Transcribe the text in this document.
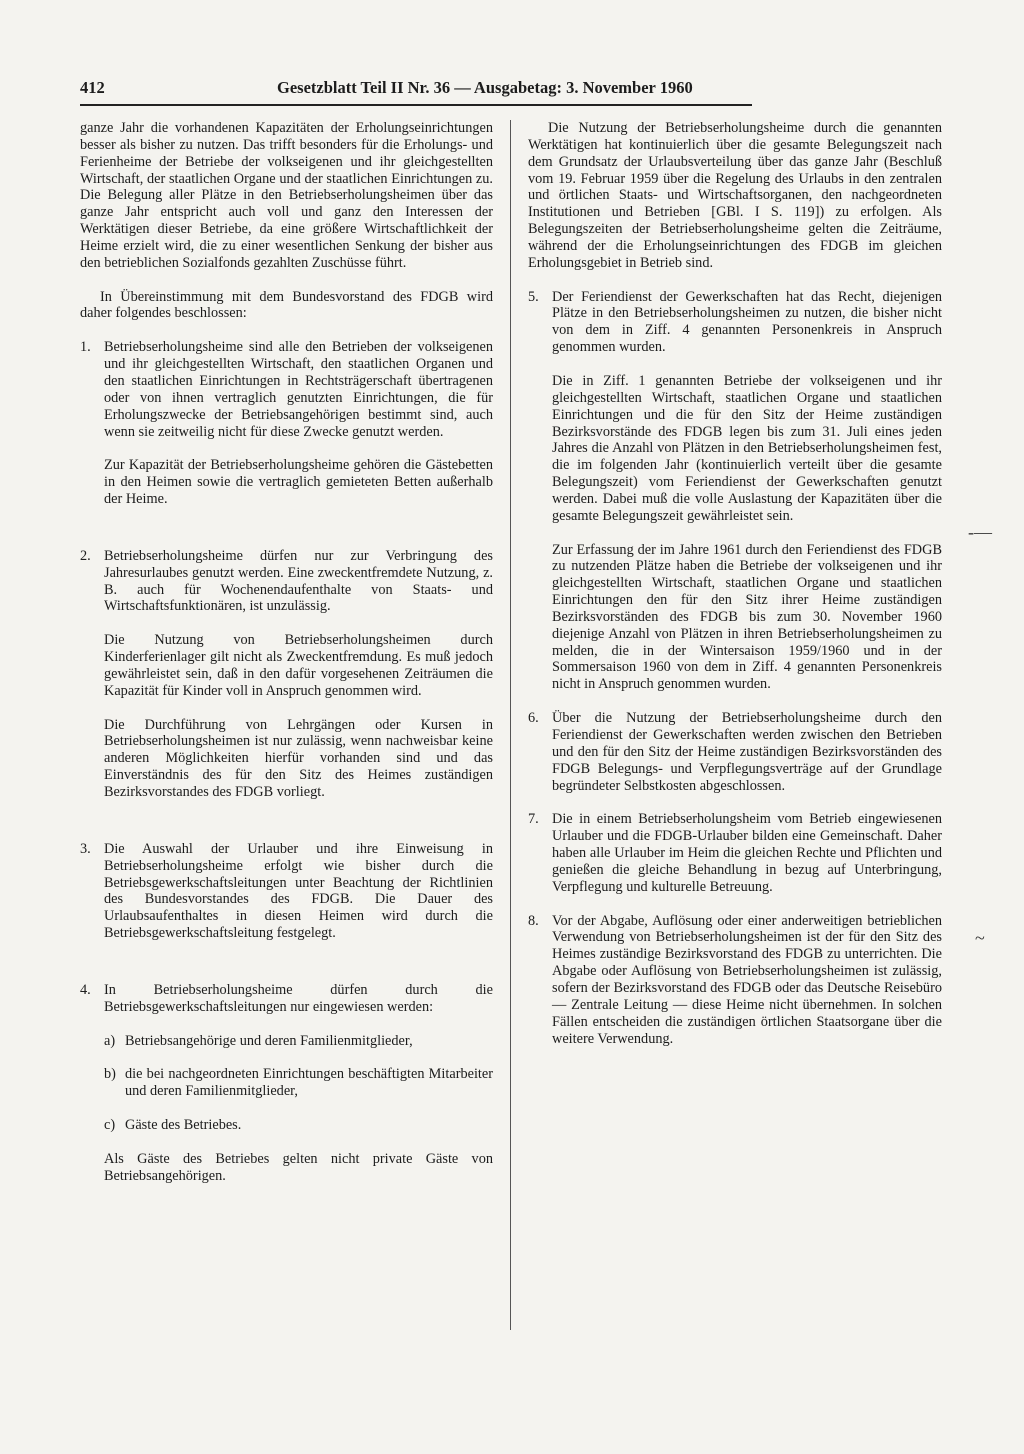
412	Gesetzblatt Teil II Nr. 36 — Ausgabetag: 3. November 1960

ganze Jahr die vorhandenen Kapazitäten der Erholungseinrichtungen besser als bisher zu nutzen. Das trifft besonders für die Erholungs- und Ferienheime der Betriebe der volkseigenen und ihr gleichgestellten Wirtschaft, der staatlichen Organe und der staatlichen Einrichtungen zu. Die Belegung aller Plätze in den Betriebserholungsheimen über das ganze Jahr entspricht auch voll und ganz den Interessen der Werktätigen dieser Betriebe, da eine größere Wirtschaftlichkeit der Heime erzielt wird, die zu einer wesentlichen Senkung der bisher aus den betrieblichen Sozialfonds gezahlten Zuschüsse führt.

In Übereinstimmung mit dem Bundesvorstand des FDGB wird daher folgendes beschlossen:

1. Betriebserholungsheime sind alle den Betrieben der volkseigenen und ihr gleichgestellten Wirtschaft, den staatlichen Organen und den staatlichen Einrichtungen in Rechtsträgerschaft übertragenen oder von ihnen vertraglich genutzten Einrichtungen, die für Erholungszwecke der Betriebsangehörigen bestimmt sind, auch wenn sie zeitweilig nicht für diese Zwecke genutzt werden.

Zur Kapazität der Betriebserholungsheime gehören die Gästebetten in den Heimen sowie die vertraglich gemieteten Betten außerhalb der Heime.

2. Betriebserholungsheime dürfen nur zur Verbringung des Jahresurlaubes genutzt werden. Eine zweckentfremdete Nutzung, z. B. auch für Wochenendaufenthalte von Staats- und Wirtschaftsfunktionären, ist unzulässig.

Die Nutzung von Betriebserholungsheimen durch Kinderferienlager gilt nicht als Zweckentfremdung. Es muß jedoch gewährleistet sein, daß in den dafür vorgesehenen Zeiträumen die Kapazität für Kinder voll in Anspruch genommen wird.

Die Durchführung von Lehrgängen oder Kursen in Betriebserholungsheimen ist nur zulässig, wenn nachweisbar keine anderen Möglichkeiten hierfür vorhanden sind und das Einverständnis des für den Sitz des Heimes zuständigen Bezirksvorstandes des FDGB vorliegt.

3. Die Auswahl der Urlauber und ihre Einweisung in Betriebserholungsheime erfolgt wie bisher durch die Betriebsgewerkschaftsleitungen unter Beachtung der Richtlinien des Bundesvorstandes des FDGB. Die Dauer des Urlaubsaufenthaltes in diesen Heimen wird durch die Betriebsgewerkschaftsleitung festgelegt.

4. In Betriebserholungsheime dürfen durch die Betriebsgewerkschaftsleitungen nur eingewiesen werden:

a) Betriebsangehörige und deren Familienmitglieder,

b) die bei nachgeordneten Einrichtungen beschäftigten Mitarbeiter und deren Familienmitglieder,

c) Gäste des Betriebes.

Als Gäste des Betriebes gelten nicht private Gäste von Betriebsangehörigen.

Die Nutzung der Betriebserholungsheime durch die genannten Werktätigen hat kontinuierlich über die gesamte Belegungszeit nach dem Grundsatz der Urlaubsverteilung über das ganze Jahr (Beschluß vom 19. Februar 1959 über die Regelung des Urlaubs in den zentralen und örtlichen Staats- und Wirtschaftsorganen, den nachgeordneten Institutionen und Betrieben [GBl. I S. 119]) zu erfolgen. Als Belegungszeiten der Betriebserholungsheime gelten die Zeiträume, während der die Erholungseinrichtungen des FDGB im gleichen Erholungsgebiet in Betrieb sind.

5. Der Feriendienst der Gewerkschaften hat das Recht, diejenigen Plätze in den Betriebserholungsheimen zu nutzen, die bisher nicht von dem in Ziff. 4 genannten Personenkreis in Anspruch genommen wurden.

Die in Ziff. 1 genannten Betriebe der volkseigenen und ihr gleichgestellten Wirtschaft, staatlichen Organe und staatlichen Einrichtungen und die für den Sitz der Heime zuständigen Bezirksvorstände des FDGB legen bis zum 31. Juli eines jeden Jahres die Anzahl von Plätzen in den Betriebserholungsheimen fest, die im folgenden Jahr (kontinuierlich verteilt über die gesamte Belegungszeit) vom Feriendienst der Gewerkschaften genutzt werden. Dabei muß die volle Auslastung der Kapazitäten über die gesamte Belegungszeit gewährleistet sein.

Zur Erfassung der im Jahre 1961 durch den Feriendienst des FDGB zu nutzenden Plätze haben die Betriebe der volkseigenen und ihr gleichgestellten Wirtschaft, staatlichen Organe und staatlichen Einrichtungen den für den Sitz ihrer Heime zuständigen Bezirksvorständen des FDGB bis zum 30. November 1960 diejenige Anzahl von Plätzen in ihren Betriebserholungsheimen zu melden, die in der Wintersaison 1959/1960 und in der Sommersaison 1960 von dem in Ziff. 4 genannten Personenkreis nicht in Anspruch genommen wurden.

6. Über die Nutzung der Betriebserholungsheime durch den Feriendienst der Gewerkschaften werden zwischen den Betrieben und den für den Sitz der Heime zuständigen Bezirksvorständen des FDGB Belegungs- und Verpflegungsverträge auf der Grundlage begründeter Selbstkosten abgeschlossen.

7. Die in einem Betriebserholungsheim vom Betrieb eingewiesenen Urlauber und die FDGB-Urlauber bilden eine Gemeinschaft. Daher haben alle Urlauber im Heim die gleichen Rechte und Pflichten und genießen die gleiche Behandlung in bezug auf Unterbringung, Verpflegung und kulturelle Betreuung.

8. Vor der Abgabe, Auflösung oder einer anderweitigen betrieblichen Verwendung von Betriebserholungsheimen ist der für den Sitz des Heimes zuständige Bezirksvorstand des FDGB zu unterrichten. Die Abgabe oder Auflösung von Betriebserholungsheimen ist zulässig, sofern der Bezirksvorstand des FDGB oder das Deutsche Reisebüro — Zentrale Leitung — diese Heime nicht übernehmen. In solchen Fällen entscheiden die zuständigen örtlichen Staatsorgane über die weitere Verwendung.

-—
~
